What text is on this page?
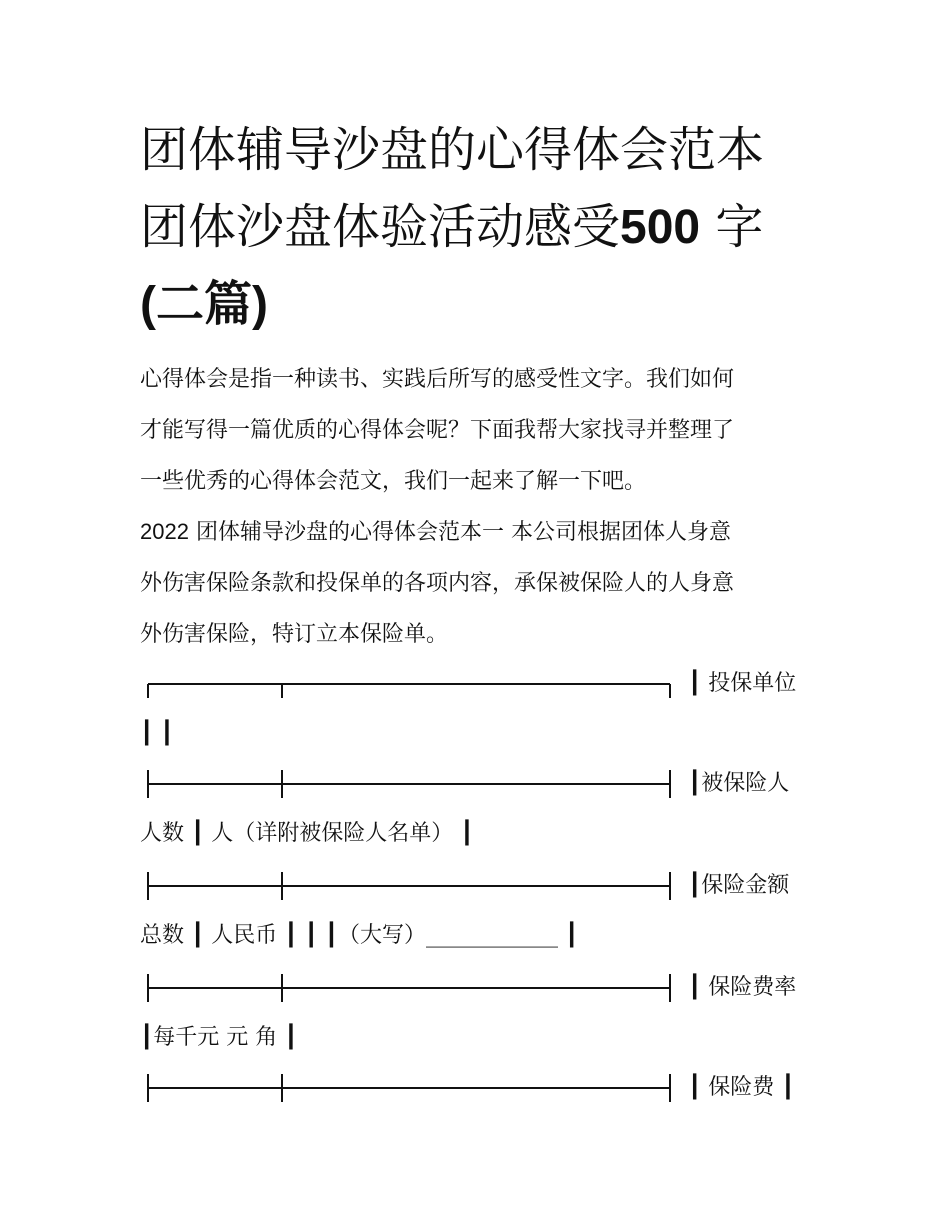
团体辅导沙盘的心得体会范本
团体沙盘体验活动感受500 字
(二篇)

心得体会是指一种读书、实践后所写的感受性文字。我们如何
才能写得一篇优质的心得体会呢？下面我帮大家找寻并整理了
一些优秀的心得体会范文，我们一起来了解一下吧。

2022 团体辅导沙盘的心得体会范本一 本公司根据团体人身意
外伤害保险条款和投保单的各项内容，承保被保险人的人身意
外伤害保险，特订立本保险单。

┃ 投保单位
┃ ┃
┃被保险人
人数 ┃ 人（详附被保险人名单） ┃
┃保险金额
总数 ┃ 人民币 ┃ ┃ ┃（大写）____________ ┃
┃ 保险费率
┃每千元 元 角 ┃
┃ 保险费 ┃
